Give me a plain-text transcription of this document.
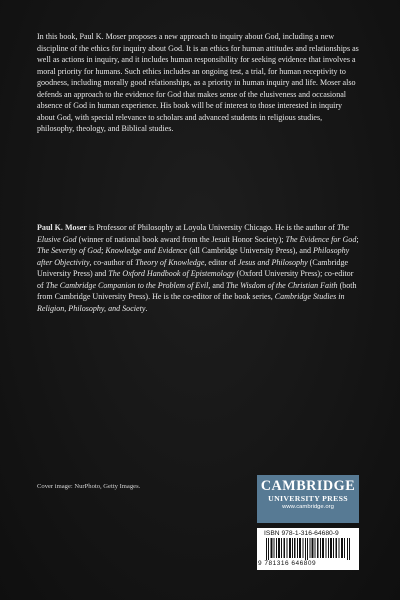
In this book, Paul K. Moser proposes a new approach to inquiry about God, including a new discipline of the ethics for inquiry about God. It is an ethics for human attitudes and relationships as well as actions in inquiry, and it includes human responsibility for seeking evidence that involves a moral priority for humans. Such ethics includes an ongoing test, a trial, for human receptivity to goodness, including morally good relationships, as a priority in human inquiry and life. Moser also defends an approach to the evidence for God that makes sense of the elusiveness and occasional absence of God in human experience. His book will be of interest to those interested in inquiry about God, with special relevance to scholars and advanced students in religious studies, philosophy, theology, and Biblical studies.

Paul K. Moser is Professor of Philosophy at Loyola University Chicago. He is the author of The Elusive God (winner of national book award from the Jesuit Honor Society); The Evidence for God; The Severity of God; Knowledge and Evidence (all Cambridge University Press), and Philosophy after Objectivity, co-author of Theory of Knowledge, editor of Jesus and Philosophy (Cambridge University Press) and The Oxford Handbook of Epistemology (Oxford University Press); co-editor of The Cambridge Companion to the Problem of Evil, and The Wisdom of the Christian Faith (both from Cambridge University Press). He is the co-editor of the book series, Cambridge Studies in Religion, Philosophy, and Society.

Cover image: NurPhoto, Getty Images.	CAMBRIDGE
UNIVERSITY PRESS
www.cambridge.org
ISBN 978-1-316-64680-9
9 781316 646809
